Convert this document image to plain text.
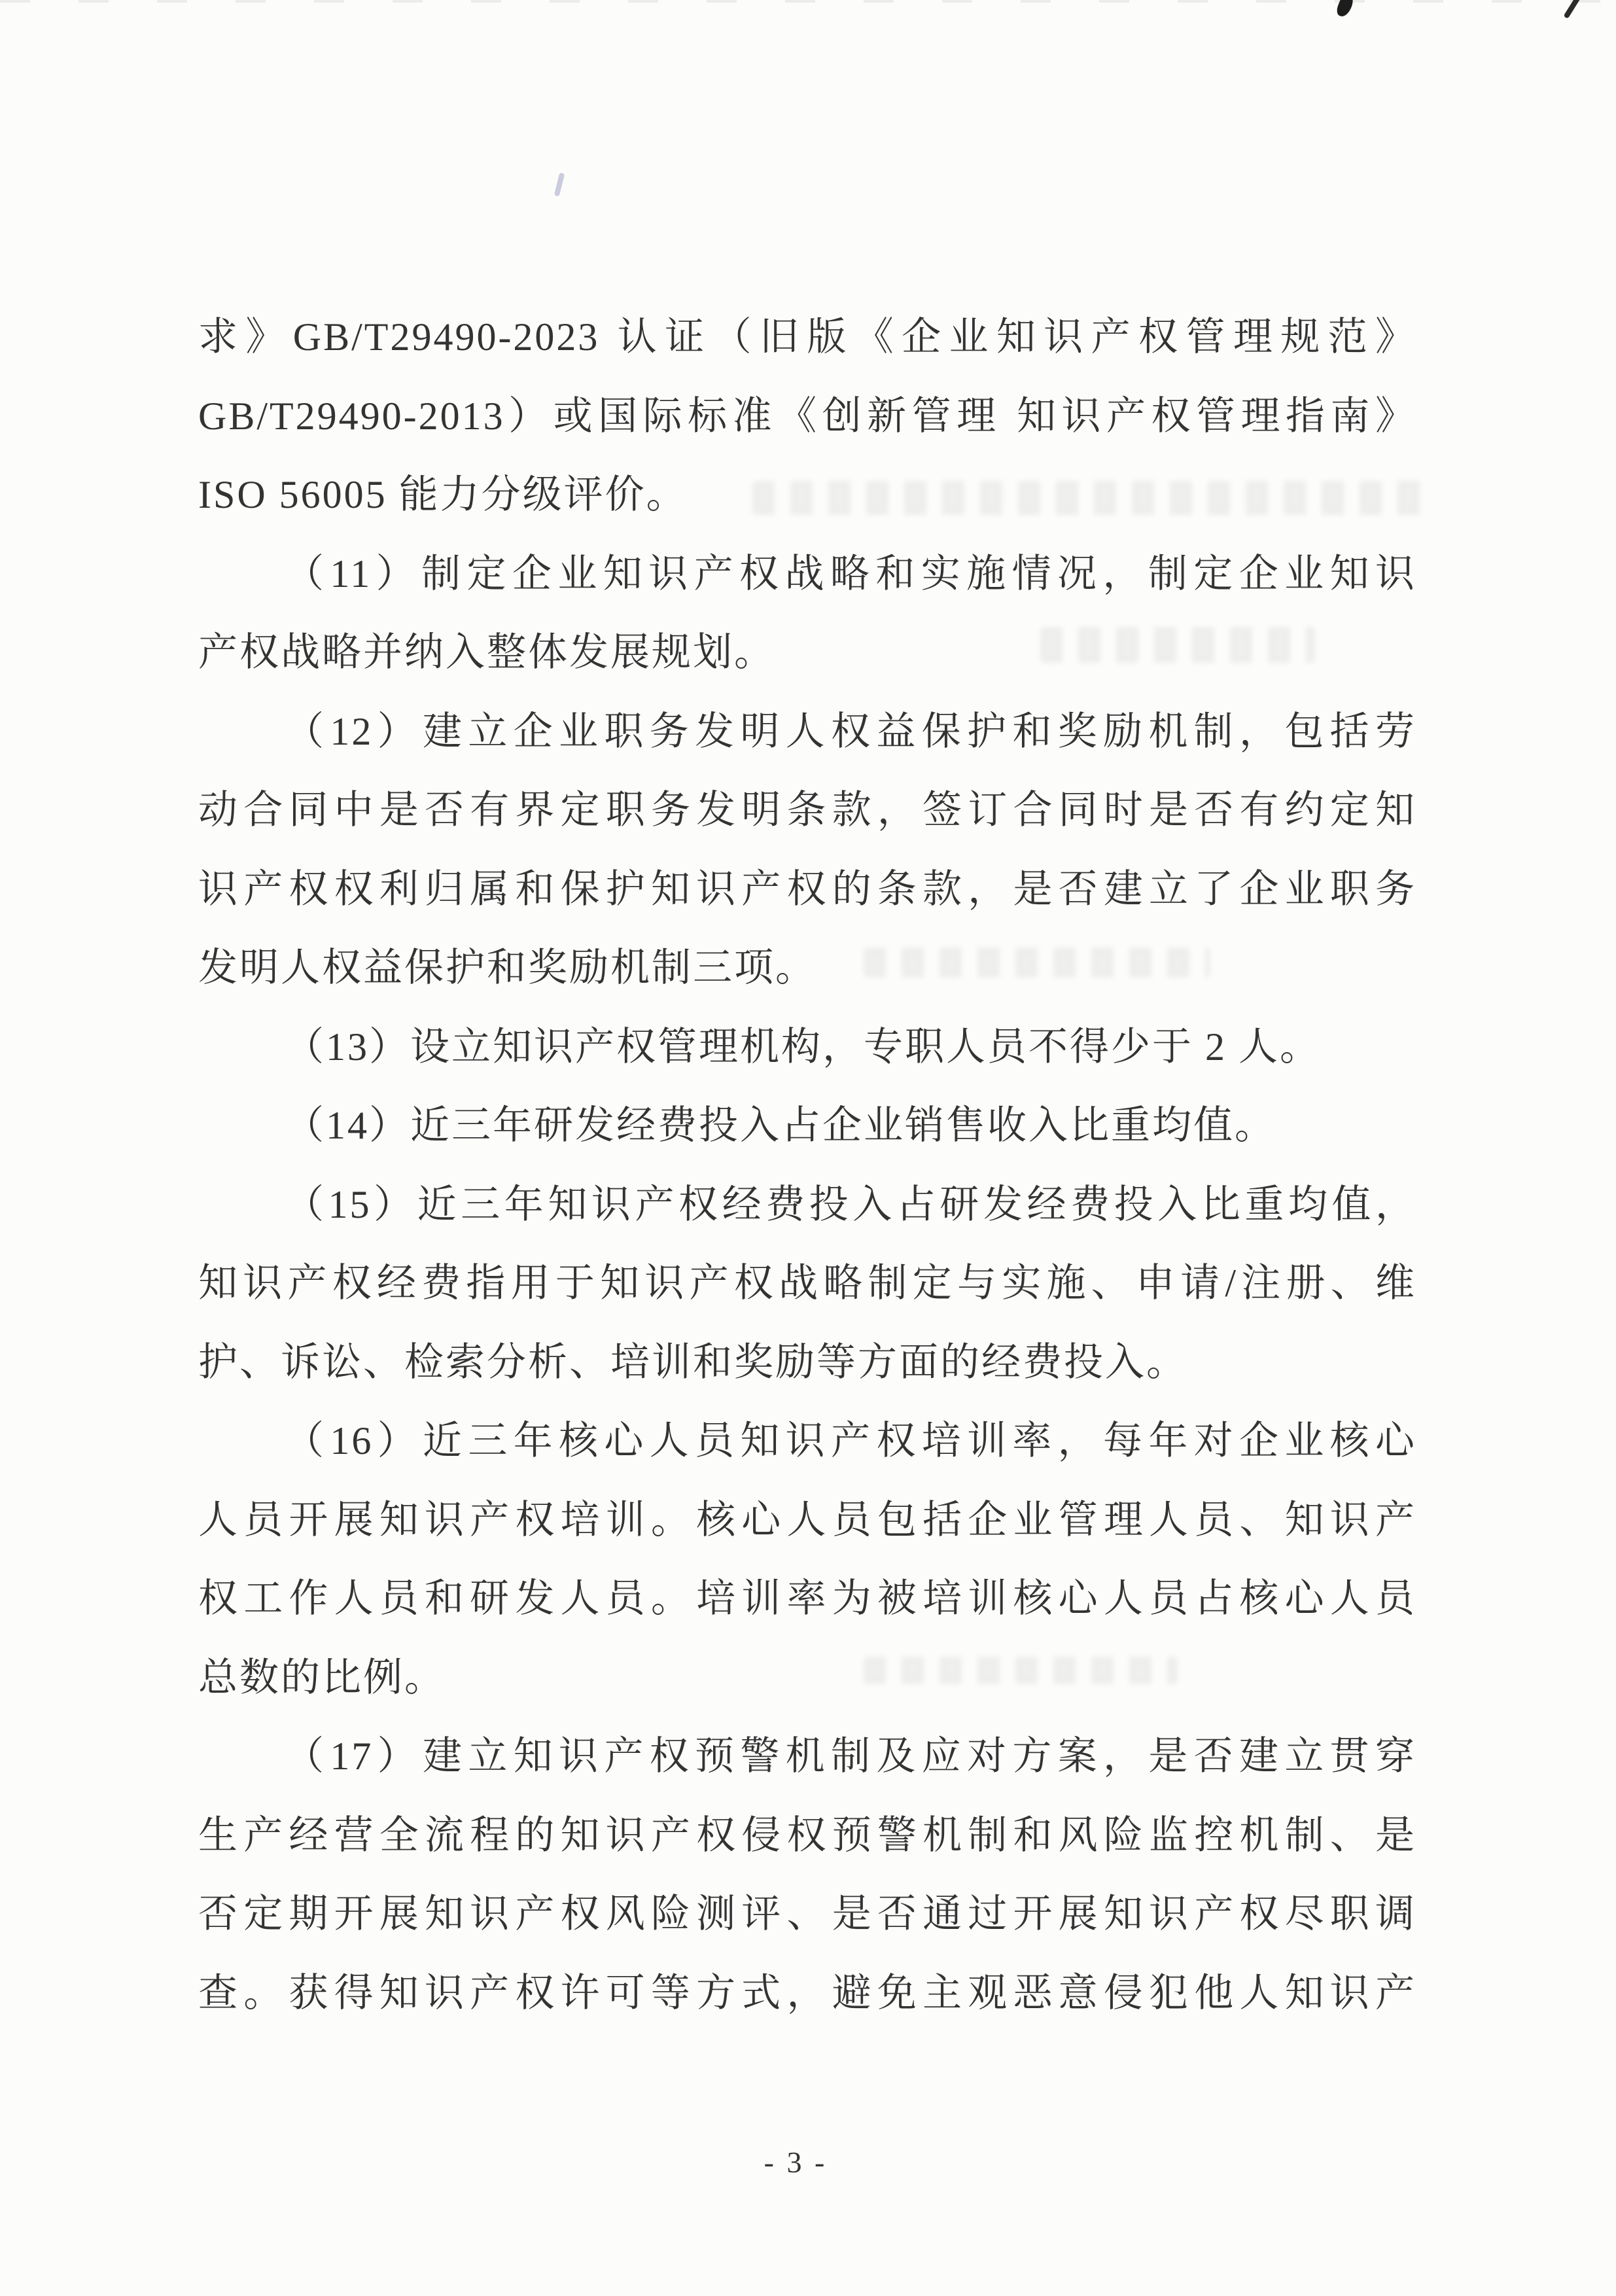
求》GB/T29490-2023 认证（旧版《企业知识产权管理规范》
GB/T29490-2013）或国际标准《创新管理 知识产权管理指南》
ISO 56005 能力分级评价。
（11）制定企业知识产权战略和实施情况，制定企业知识
产权战略并纳入整体发展规划。
（12）建立企业职务发明人权益保护和奖励机制，包括劳
动合同中是否有界定职务发明条款，签订合同时是否有约定知
识产权权利归属和保护知识产权的条款，是否建立了企业职务
发明人权益保护和奖励机制三项。
（13）设立知识产权管理机构，专职人员不得少于 2 人。
（14）近三年研发经费投入占企业销售收入比重均值。
（15）近三年知识产权经费投入占研发经费投入比重均值，
知识产权经费指用于知识产权战略制定与实施、申请/注册、维
护、诉讼、检索分析、培训和奖励等方面的经费投入。
（16）近三年核心人员知识产权培训率，每年对企业核心
人员开展知识产权培训。核心人员包括企业管理人员、知识产
权工作人员和研发人员。培训率为被培训核心人员占核心人员
总数的比例。
（17）建立知识产权预警机制及应对方案，是否建立贯穿
生产经营全流程的知识产权侵权预警机制和风险监控机制、是
否定期开展知识产权风险测评、是否通过开展知识产权尽职调
查。获得知识产权许可等方式，避免主观恶意侵犯他人知识产
- 3 -
